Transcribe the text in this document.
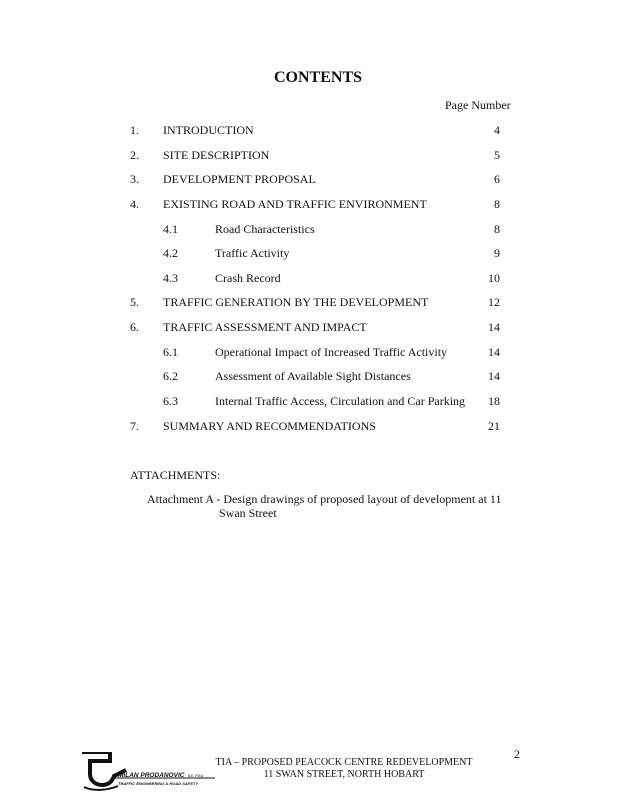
CONTENTS
Page Number
1. INTRODUCTION	4
2. SITE DESCRIPTION	5
3. DEVELOPMENT PROPOSAL	6
4. EXISTING ROAD AND TRAFFIC ENVIRONMENT	8
4.1	Road Characteristics	8
4.2	Traffic Activity	9
4.3	Crash Record	10
5. TRAFFIC GENERATION BY THE DEVELOPMENT	12
6. TRAFFIC ASSESSMENT AND IMPACT	14
6.1	Operational Impact of Increased Traffic Activity	14
6.2	Assessment of Available Sight Distances	14
6.3	Internal Traffic Access, Circulation and Car Parking	18
7. SUMMARY AND RECOMMENDATIONS	21
ATTACHMENTS:
Attachment A - Design drawings of proposed layout of development at 11
Swan Street
2
TIA – PROPOSED PEACOCK CENTRE REDEVELOPMENT
11 SWAN STREET, NORTH HOBART
MILAN PRODANOVIC B.E. FIEA
TRAFFIC ENGINEERING & ROAD SAFETY
